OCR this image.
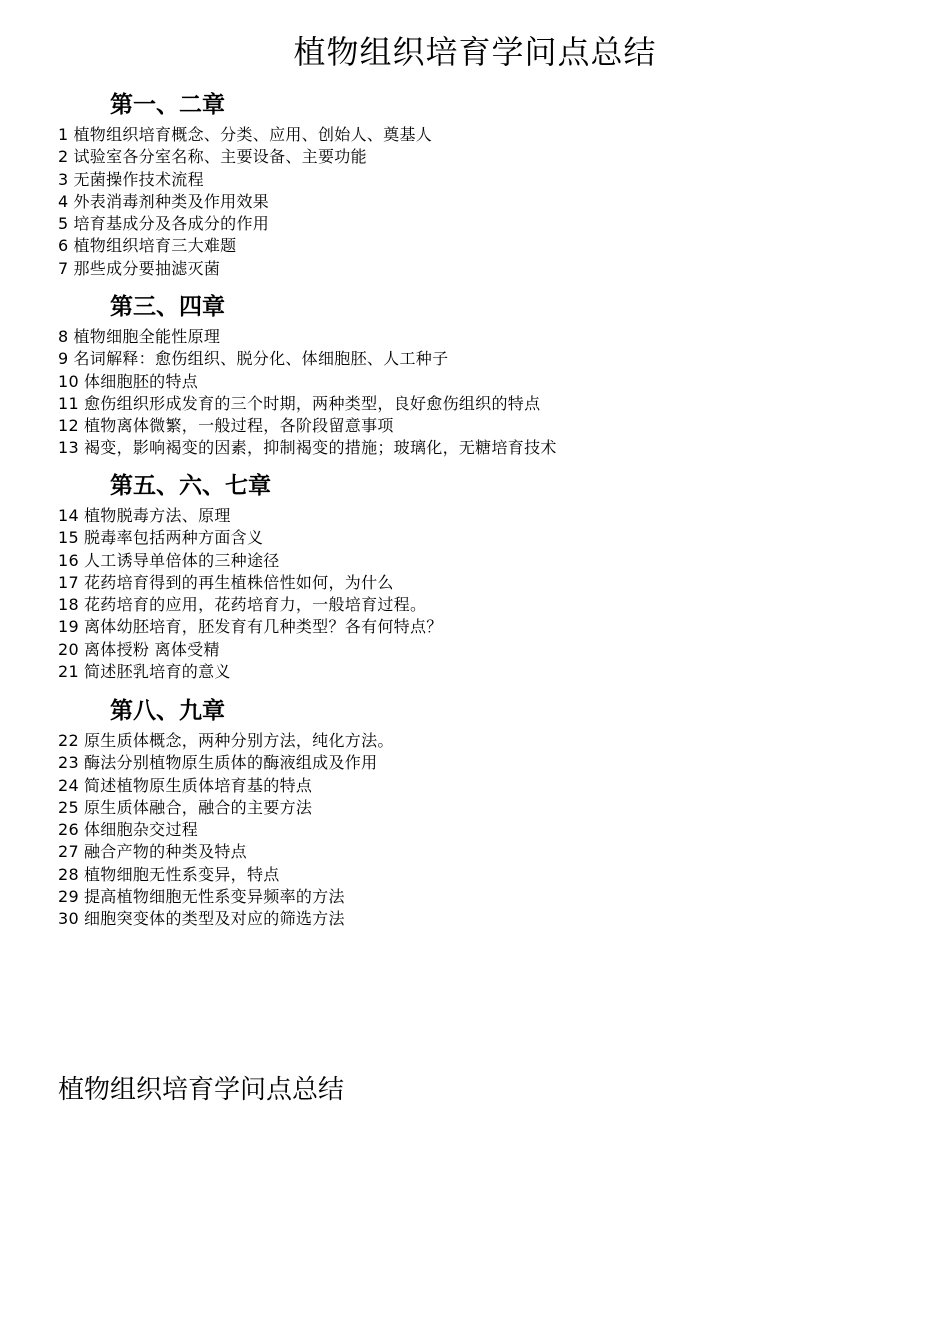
植物组织培育学问点总结
第一、二章
1 植物组织培育概念、分类、应用、创始人、奠基人
2 试验室各分室名称、主要设备、主要功能
3 无菌操作技术流程
4 外表消毒剂种类及作用效果
5 培育基成分及各成分的作用
6 植物组织培育三大难题
7 那些成分要抽滤灭菌
第三、四章
8 植物细胞全能性原理
9 名词解释：愈伤组织、脱分化、体细胞胚、人工种子
10 体细胞胚的特点
11 愈伤组织形成发育的三个时期，两种类型，良好愈伤组织的特点
12 植物离体微繁，一般过程，各阶段留意事项
13 褐变，影响褐变的因素，抑制褐变的措施；玻璃化，无糖培育技术
第五、六、七章
14 植物脱毒方法、原理
15 脱毒率包括两种方面含义
16 人工诱导单倍体的三种途径
17 花药培育得到的再生植株倍性如何，为什么
18 花药培育的应用，花药培育力，一般培育过程。
19 离体幼胚培育，胚发育有几种类型？各有何特点？
20 离体授粉 离体受精
21 简述胚乳培育的意义
第八、九章
22 原生质体概念，两种分别方法，纯化方法。
23 酶法分别植物原生质体的酶液组成及作用
24 简述植物原生质体培育基的特点
25 原生质体融合，融合的主要方法
26 体细胞杂交过程
27 融合产物的种类及特点
28 植物细胞无性系变异，特点
29 提高植物细胞无性系变异频率的方法
30 细胞突变体的类型及对应的筛选方法
植物组织培育学问点总结
